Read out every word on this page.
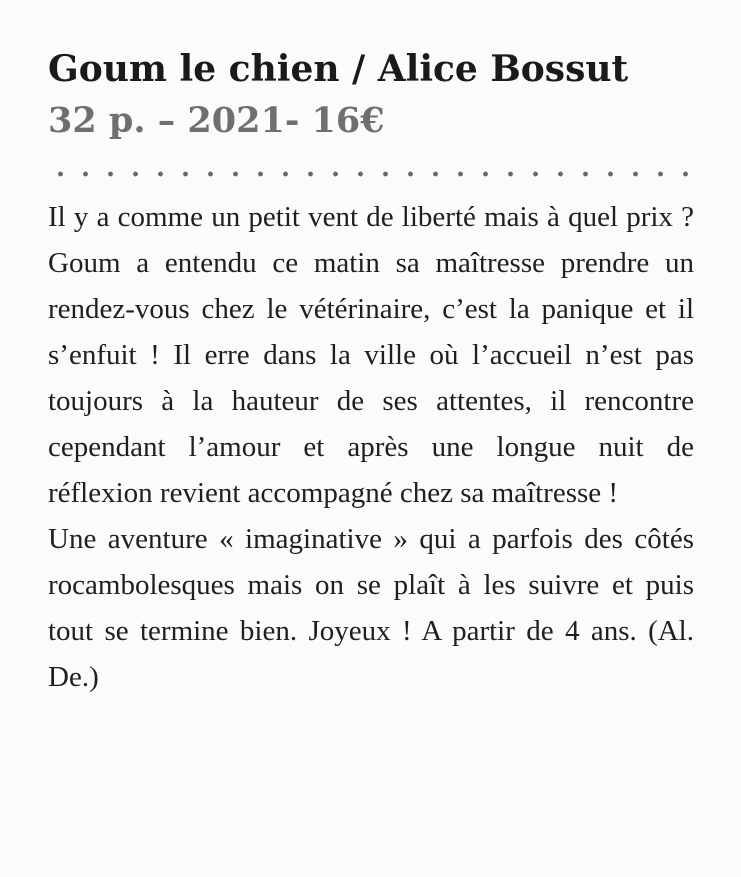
Goum le chien / Alice Bossut
32 p. – 2021- 16€

Il y a comme un petit vent de liberté mais à quel prix ? Goum a entendu ce matin sa maîtresse prendre un rendez-vous chez le vétérinaire, c’est la panique et il s’enfuit ! Il erre dans la ville où l’accueil n’est pas toujours à la hauteur de ses attentes, il rencontre cependant l’amour et après une longue nuit de réflexion revient accompagné chez sa maîtresse !

Une aventure « imaginative » qui a parfois des côtés rocambolesques mais on se plaît à les suivre et puis tout se termine bien. Joyeux ! A partir de 4 ans. (Al. De.)
